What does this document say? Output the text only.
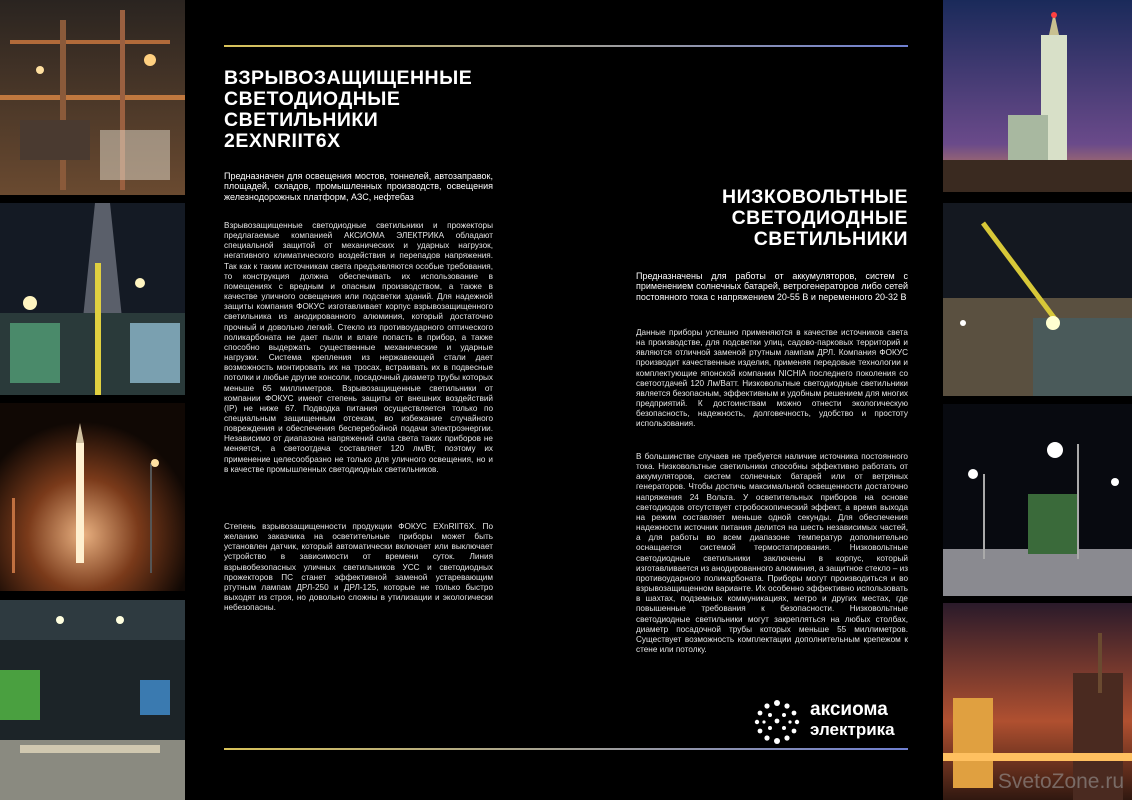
ВЗРЫВОЗАЩИЩЕННЫЕ
СВЕТОДИОДНЫЕ
СВЕТИЛЬНИКИ
2EXNRIIT6X

Предназначен для освещения мостов, тоннелей, автозаправок, площадей, складов, промышленных производств, освещения железнодорожных платформ, АЗС, нефтебаз

Взрывозащищенные светодиодные светильники и прожекторы предлагаемые компанией АКСИОМА ЭЛЕКТРИКА обладают специальной защитой от механических и ударных нагрузок, негативного климатического воздействия и перепадов напряжения. Так как к таким источникам света предъявляются особые требования, то конструкция должна обеспечивать их использование в помещениях с вредным и опасным производством, а также в качестве уличного освещения или подсветки зданий. Для надежной защиты компания ФОКУС изготавливает корпус взрывозащищенного светильника из анодированного алюминия, который достаточно прочный и довольно легкий. Стекло из противоударного оптического поликарбоната не дает пыли и влаге попасть в прибор, а также способно выдержать существенные механические и ударные нагрузки. Система крепления из нержавеющей стали дает возможность монтировать их на тросах, встраивать их в подвесные потолки и любые другие консоли, посадочный диаметр трубы которых меньше 65 миллиметров. Взрывозащищенные светильники от компании ФОКУС имеют степень защиты от внешних воздействий (IP) не ниже 67. Подводка питания осуществляется только по специальным защищенным отсекам, во избежание случайного повреждения и обеспечения бесперебойной подачи электроэнергии. Независимо от диапазона напряжений сила света таких приборов не меняется, а светоотдача составляет 120 лм/Вт, поэтому их применение целесообразно не только для уличного освещения, но и в качестве промышленных светодиодных светильников.

Степень взрывозащищенности продукции ФОКУС EXnRIIT6X. По желанию заказчика на осветительные приборы может быть установлен датчик, который автоматически включает или выключает устройство в зависимости от времени суток. Линия взрывобезопасных уличных светильников УСС и светодиодных прожекторов ПС станет эффективной заменой устаревающим ртутным лампам ДРЛ-250 и ДРЛ-125, которые не только быстро выходят из строя, но довольно сложны в утилизации и экологически небезопасны.

НИЗКОВОЛЬТНЫЕ
СВЕТОДИОДНЫЕ
СВЕТИЛЬНИКИ

Предназначены для работы от аккумуляторов, систем с применением солнечных батарей, ветрогенераторов либо сетей постоянного тока с напряжением 20-55 В и переменного 20-32 В

Данные приборы успешно применяются в качестве источников света на производстве, для подсветки улиц, садово-парковых территорий и являются отличной заменой ртутным лампам ДРЛ. Компания ФОКУС производит качественные изделия, применяя передовые технологии и комплектующие японской компании NICHIA последнего поколения со светоотдачей 120 Лм/Ватт. Низковольтные светодиодные светильники является безопасным, эффективным и удобным решением для многих предприятий. К достоинствам можно отнести экологическую безопасность, надежность, долговечность, удобство и простоту использования.

В большинстве случаев не требуется наличие источника постоянного тока. Низковольтные светильники способны эффективно работать от аккумуляторов, систем солнечных батарей или от ветряных генераторов. Чтобы достичь максимальной освещенности достаточно напряжения 24 Вольта. У осветительных приборов на основе светодиодов отсутствует стробоскопический эффект, а время выхода на режим составляет меньше одной секунды. Для обеспечения надежности источник питания делится на шесть независимых частей, а для работы во всем диапазоне температур дополнительно оснащается системой термостатирования. Низковольтные светодиодные светильники заключены в корпус, который изготавливается из анодированного алюминия, а защитное стекло – из противоударного поликарбоната. Приборы могут производиться и во взрывозащищенном варианте. Их особенно эффективно использовать в шахтах, подземных коммуникациях, метро и других местах, где повышенные требования к безопасности. Низковольтные светодиодные светильники могут закрепляться на любых столбах, диаметр посадочной трубы которых меньше 55 миллиметров. Существует возможность комплектации дополнительным крепежом к стене или потолку.

аксиома
электрика
SvetoZone.ru
